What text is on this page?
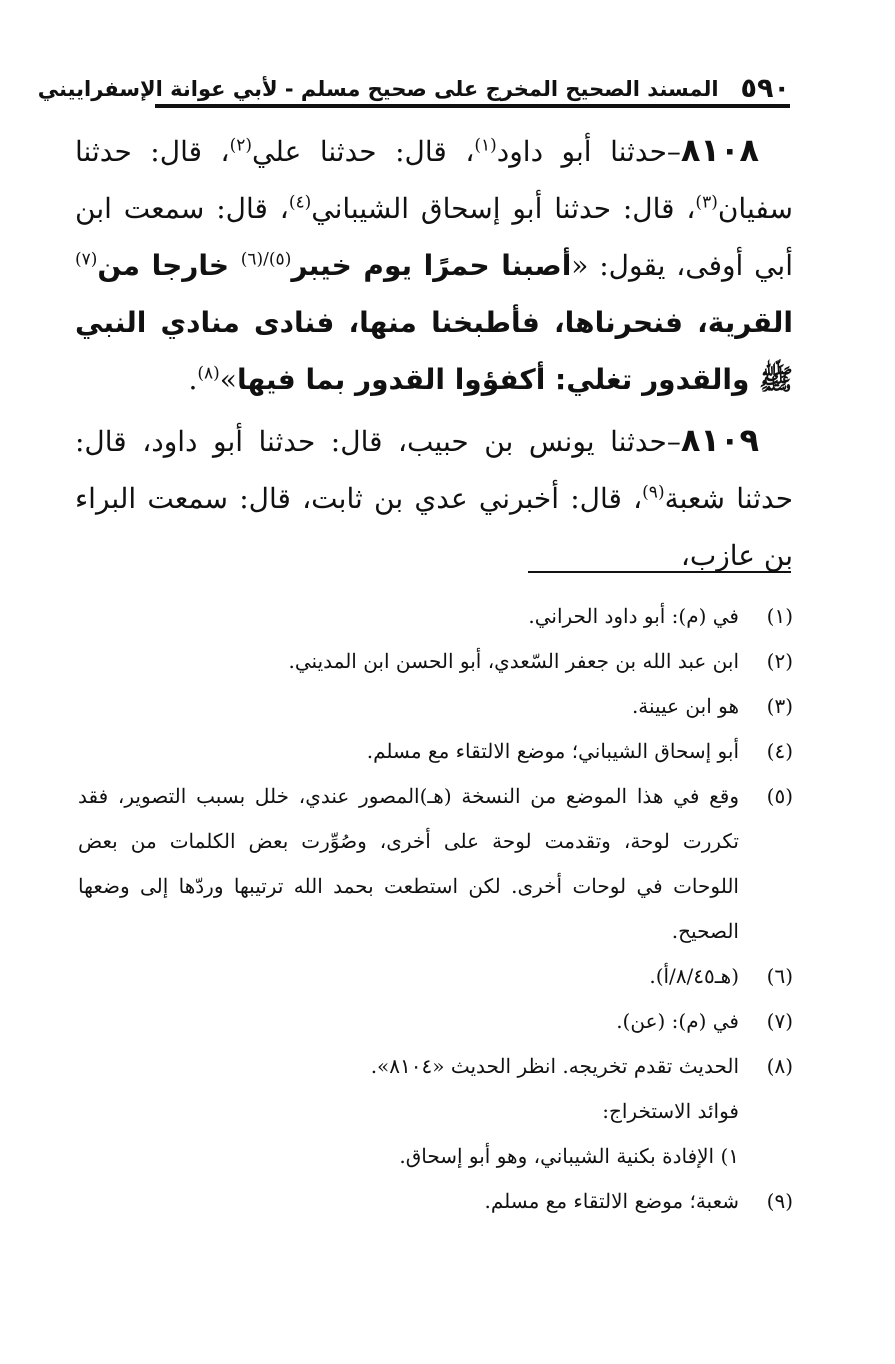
٥٩٠
المسند الصحيح المخرج على صحيح مسلم - لأبي عوانة الإسفراييني

٨١٠٨–حدثنا أبو داود$^{(١)}$، قال: حدثنا علي$^{(٢)}$، قال: حدثنا سفيان$^{(٣)}$، قال: حدثنا أبو إسحاق الشيباني$^{(٤)}$، قال: سمعت ابن أبي أوفى، يقول: «أصبنا حمرًا يوم خيبر$^{(٥)/(٦)}$ خارجا من$^{(٧)}$ القرية، فنحرناها، فأطبخنا منها، فنادى منادي النبي ﷺ والقدور تغلي: أكفؤوا القدور بما فيها»$^{(٨)}$.

٨١٠٩–حدثنا يونس بن حبيب، قال: حدثنا أبو داود، قال: حدثنا شعبة$^{(٩)}$، قال: أخبرني عدي بن ثابت، قال: سمعت البراء بن عازب،

(١)
في (م): أبو داود الحراني.
(٢)
ابن عبد الله بن جعفر السّعدي، أبو الحسن ابن المديني.
(٣)
هو ابن عيينة.
(٤)
أبو إسحاق الشيباني؛ موضع الالتقاء مع مسلم.
(٥)
وقع في هذا الموضع من النسخة (هـ)المصور عندي، خلل بسبب التصوير، فقد تكررت لوحة، وتقدمت لوحة على أخرى، وصُوِّرت بعض الكلمات من بعض اللوحات في لوحات أخرى. لكن استطعت بحمد الله ترتيبها وردّها إلى وضعها الصحيح.
(٦)
(هـ٨/٤٥/أ).
(٧)
في (م): (عن).
(٨)
الحديث تقدم تخريجه. انظر الحديث «٨١٠٤».
فوائد الاستخراج:
١) الإفادة بكنية الشيباني، وهو أبو إسحاق.
(٩)
شعبة؛ موضع الالتقاء مع مسلم.
